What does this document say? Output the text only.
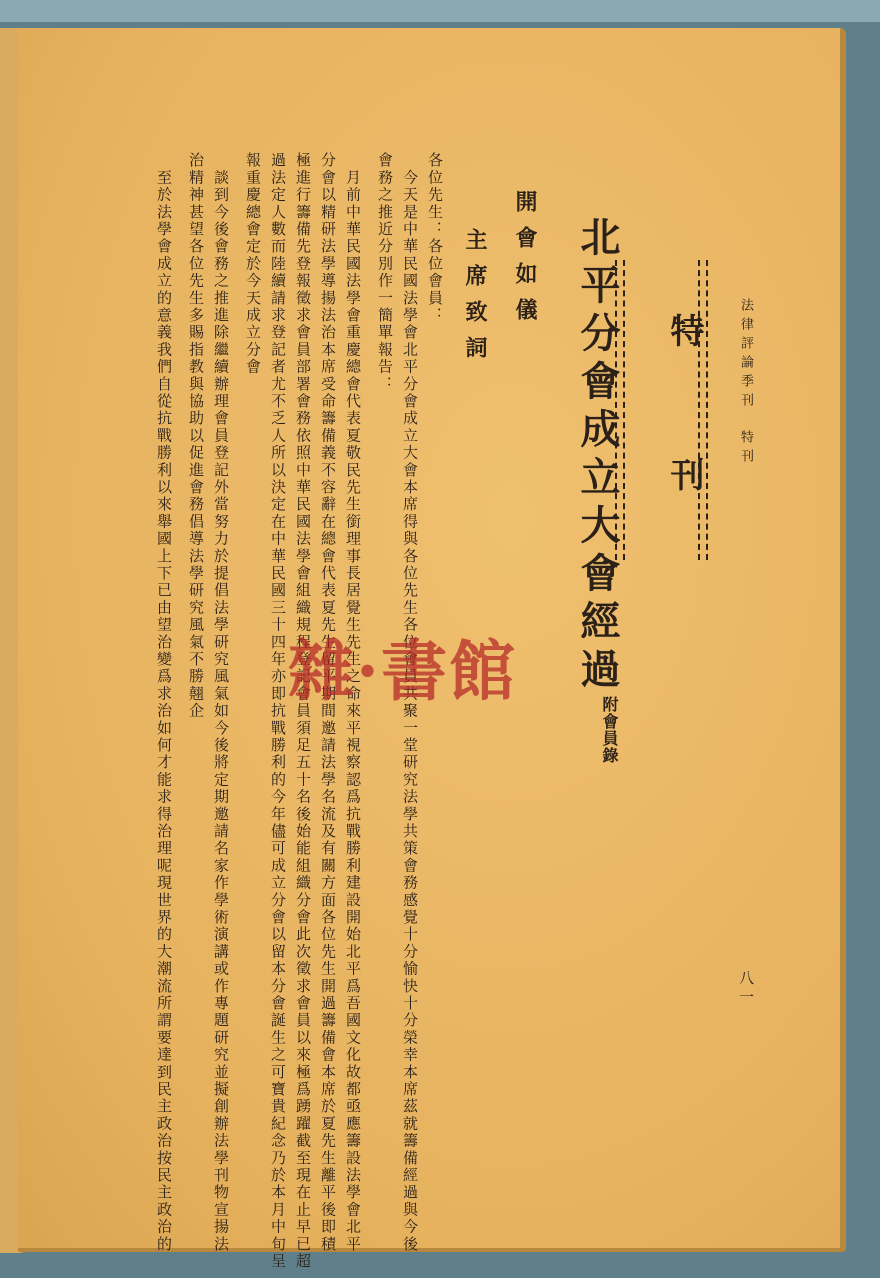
法律評論季刊特刊
特刊
北平分會成立大會經過
附會員錄
開會如儀
主席致詞
各位先生：各位會員：
　今天是中華民國法學會北平分會成立大會本席得與各位先生各位會員共聚一堂研究法學共策會務感覺十分愉快十分榮幸本席茲就籌備經過與今後
會務之推近分別作一簡單報告：
　月前中華民國法學會重慶總會代表夏敬民先生銜理事長居覺生先生之命來平視察認爲抗戰勝利建設開始北平爲吾國文化故都亟應籌設法學會北平
分會以精研法學導揚法治本席受命籌備義不容辭在總會代表夏先生留平期間邀請法學名流及有關方面各位先生開過籌備會本席於夏先生離平後即積
極進行籌備先登報徵求會員部署會務依照中華民國法學會組織規程登記會員須足五十名後始能組織分會此次徵求會員以來極爲踴躍截至現在止早已超
過法定人數而陸續請求登記者尤不乏人所以決定在中華民國三十四年亦即抗戰勝利的今年儘可成立分會以留本分會誕生之可寶貴紀念乃於本月中旬呈
報重慶總會定於今天成立分會
　談到今後會務之推進除繼續辦理會員登記外當努力於提倡法學研究風氣如今後將定期邀請名家作學術演講或作專題研究並擬創辦法學刊物宣揚法
治精神甚望各位先生多賜指教與協助以促進會務倡導法學研究風氣不勝翹企
　至於法學會成立的意義我們自從抗戰勝利以來舉國上下已由望治變爲求治如何才能求得治理呢現世界的大潮流所謂要達到民主政治按民主政治的	八一
雜·書館
